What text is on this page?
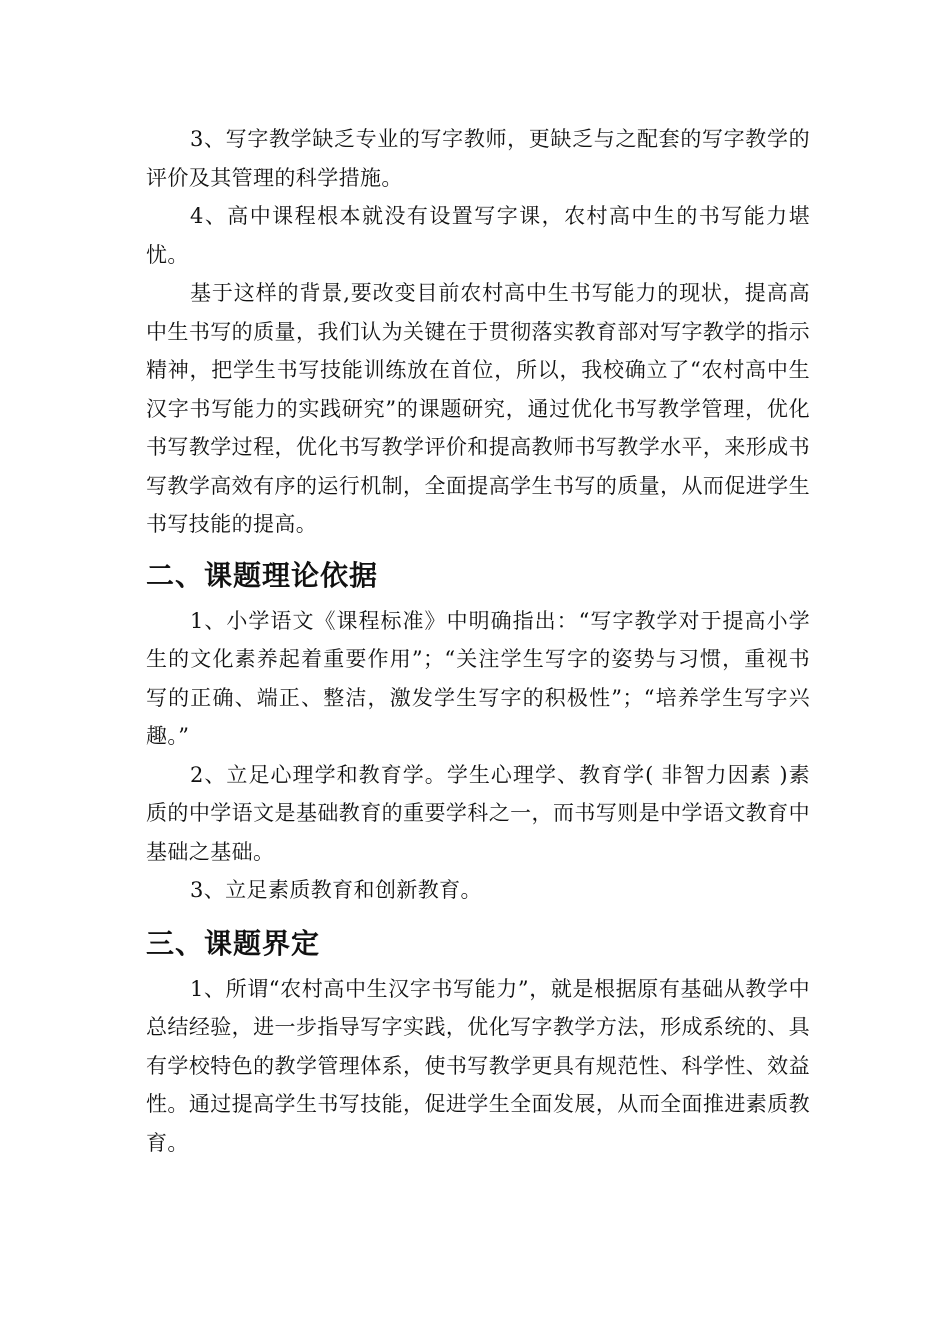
3、写字教学缺乏专业的写字教师，更缺乏与之配套的写字教学的评价及其管理的科学措施。

4、高中课程根本就没有设置写字课，农村高中生的书写能力堪忧。

基于这样的背景,要改变目前农村高中生书写能力的现状，提高高中生书写的质量，我们认为关键在于贯彻落实教育部对写字教学的指示精神，把学生书写技能训练放在首位，所以，我校确立了“农村高中生汉字书写能力的实践研究”的课题研究，通过优化书写教学管理，优化书写教学过程，优化书写教学评价和提高教师书写教学水平，来形成书写教学高效有序的运行机制，全面提高学生书写的质量，从而促进学生书写技能的提高。

二、课题理论依据

1、小学语文《课程标准》中明确指出：“写字教学对于提高小学生的文化素养起着重要作用”；“关注学生写字的姿势与习惯，重视书写的正确、端正、整洁，激发学生写字的积极性”；“培养学生写字兴趣。”

2、立足心理学和教育学。学生心理学、教育学( 非智力因素 )素质的中学语文是基础教育的重要学科之一，而书写则是中学语文教育中基础之基础。

3、立足素质教育和创新教育。

三、课题界定

1、所谓“农村高中生汉字书写能力”，就是根据原有基础从教学中总结经验，进一步指导写字实践，优化写字教学方法，形成系统的、具有学校特色的教学管理体系，使书写教学更具有规范性、科学性、效益性。通过提高学生书写技能，促进学生全面发展，从而全面推进素质教育。
